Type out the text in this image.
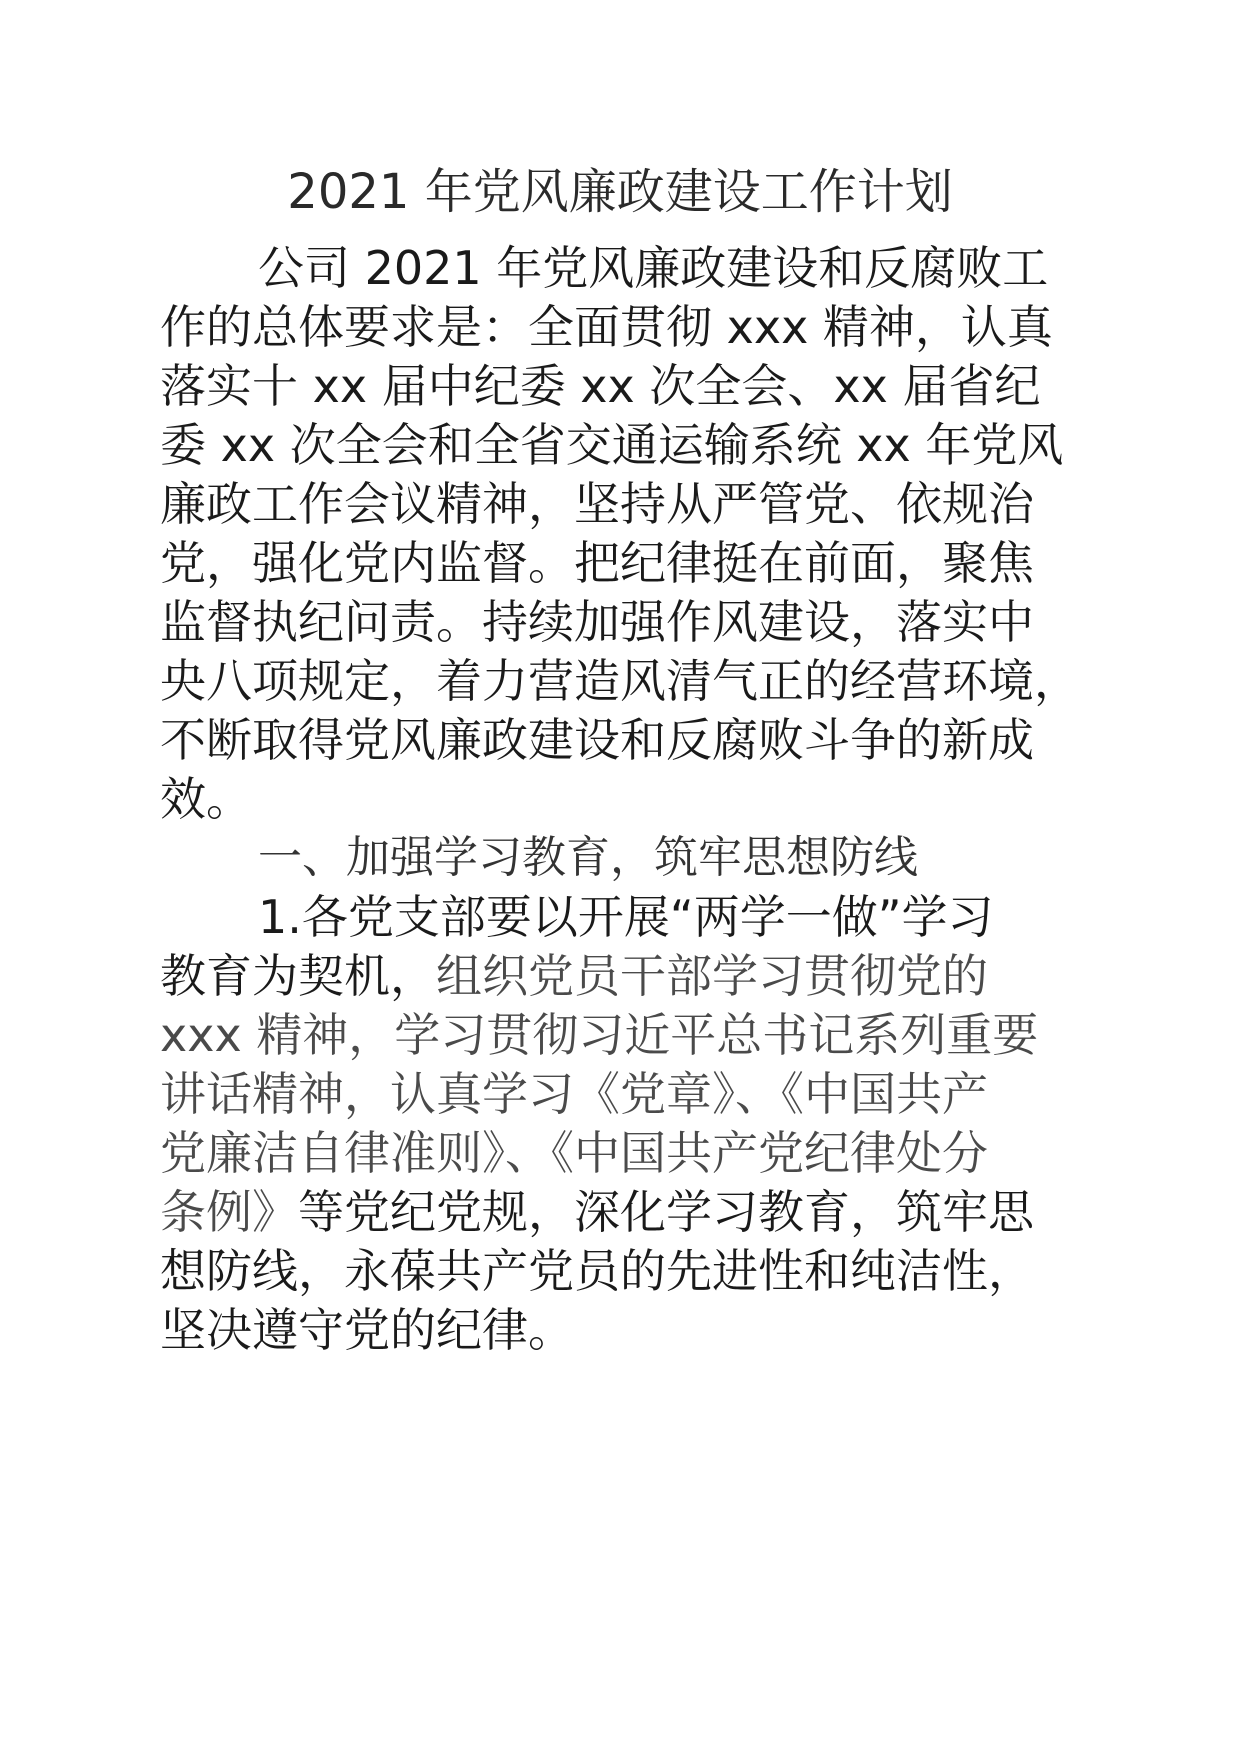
2021 年党风廉政建设工作计划
公司 2021 年党风廉政建设和反腐败工
作的总体要求是：全面贯彻 xxx 精神，认真
落实十 xx 届中纪委 xx 次全会、xx 届省纪
委 xx 次全会和全省交通运输系统 xx 年党风
廉政工作会议精神，坚持从严管党、依规治
党，强化党内监督。把纪律挺在前面，聚焦
监督执纪问责。持续加强作风建设，落实中
央八项规定，着力营造风清气正的经营环境，
不断取得党风廉政建设和反腐败斗争的新成
效。
一、加强学习教育，筑牢思想防线
1.各党支部要以开展“两学一做”学习
教育为契机，组织党员干部学习贯彻党的
xxx 精神，学习贯彻习近平总书记系列重要
讲话精神，认真学习《党章》、《中国共产
党廉洁自律准则》、《中国共产党纪律处分
条例》等党纪党规，深化学习教育，筑牢思
想防线，永葆共产党员的先进性和纯洁性，
坚决遵守党的纪律。
